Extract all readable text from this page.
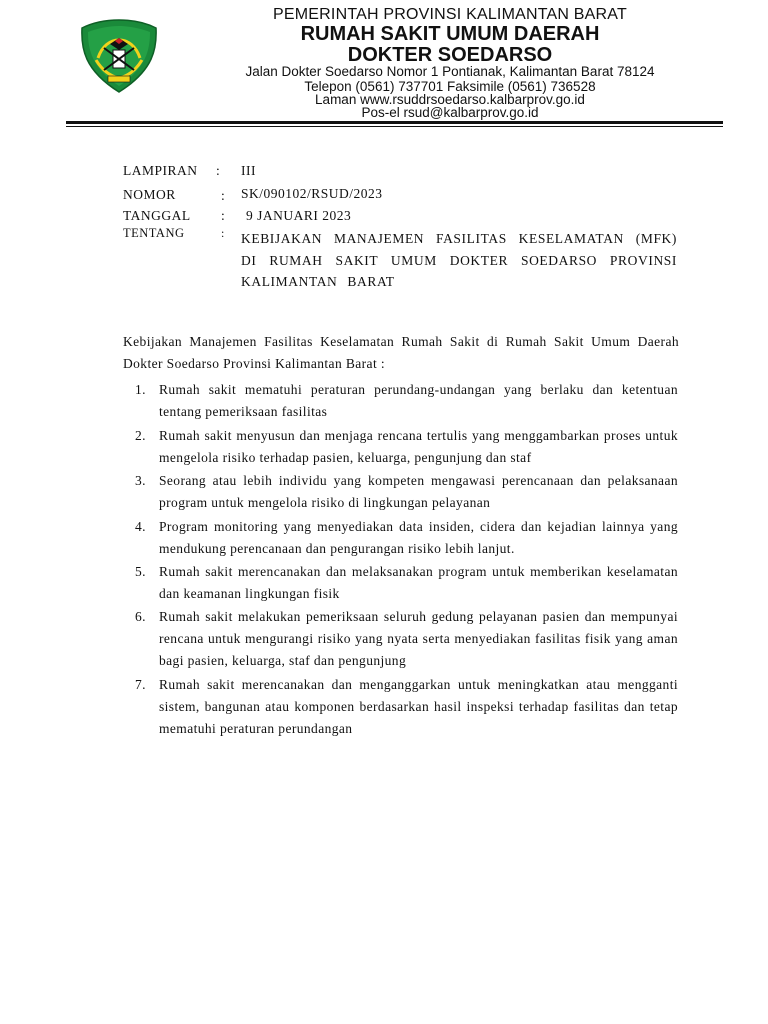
PEMERINTAH PROVINSI KALIMANTAN BARAT
RUMAH SAKIT UMUM DAERAH
DOKTER SOEDARSO
Jalan Dokter Soedarso Nomor 1 Pontianak, Kalimantan Barat 78124
Telepon (0561) 737701 Faksimile (0561) 736528
Laman www.rsuddrsoedarso.kalbarprov.go.id
Pos-el rsud@kalbarprov.go.id
LAMPIRAN : III
NOMOR	: SK/090102/RSUD/2023
TANGGAL : 9 JANUARI 2023
TENTANG	: KEBIJAKAN MANAJEMEN FASILITAS KESELAMATAN (MFK) DI RUMAH SAKIT UMUM DOKTER SOEDARSO PROVINSI KALIMANTAN BARAT
Kebijakan Manajemen Fasilitas Keselamatan Rumah Sakit di Rumah Sakit Umum Daerah Dokter Soedarso Provinsi Kalimantan Barat :
1. Rumah sakit mematuhi peraturan perundang-undangan yang berlaku dan ketentuan tentang pemeriksaan fasilitas
2. Rumah sakit menyusun dan menjaga rencana tertulis yang menggambarkan proses untuk mengelola risiko terhadap pasien, keluarga, pengunjung dan staf
3. Seorang atau lebih individu yang kompeten mengawasi perencanaan dan pelaksanaan program untuk mengelola risiko di lingkungan pelayanan
4. Program monitoring yang menyediakan data insiden, cidera dan kejadian lainnya yang mendukung perencanaan dan pengurangan risiko lebih lanjut.
5. Rumah sakit merencanakan dan melaksanakan program untuk memberikan keselamatan dan keamanan lingkungan fisik
6. Rumah sakit melakukan pemeriksaan seluruh gedung pelayanan pasien dan mempunyai rencana untuk mengurangi risiko yang nyata serta menyediakan fasilitas fisik yang aman bagi pasien, keluarga, staf dan pengunjung
7. Rumah sakit merencanakan dan menganggarkan untuk meningkatkan atau mengganti sistem, bangunan atau komponen berdasarkan hasil inspeksi terhadap fasilitas dan tetap mematuhi peraturan perundangan
